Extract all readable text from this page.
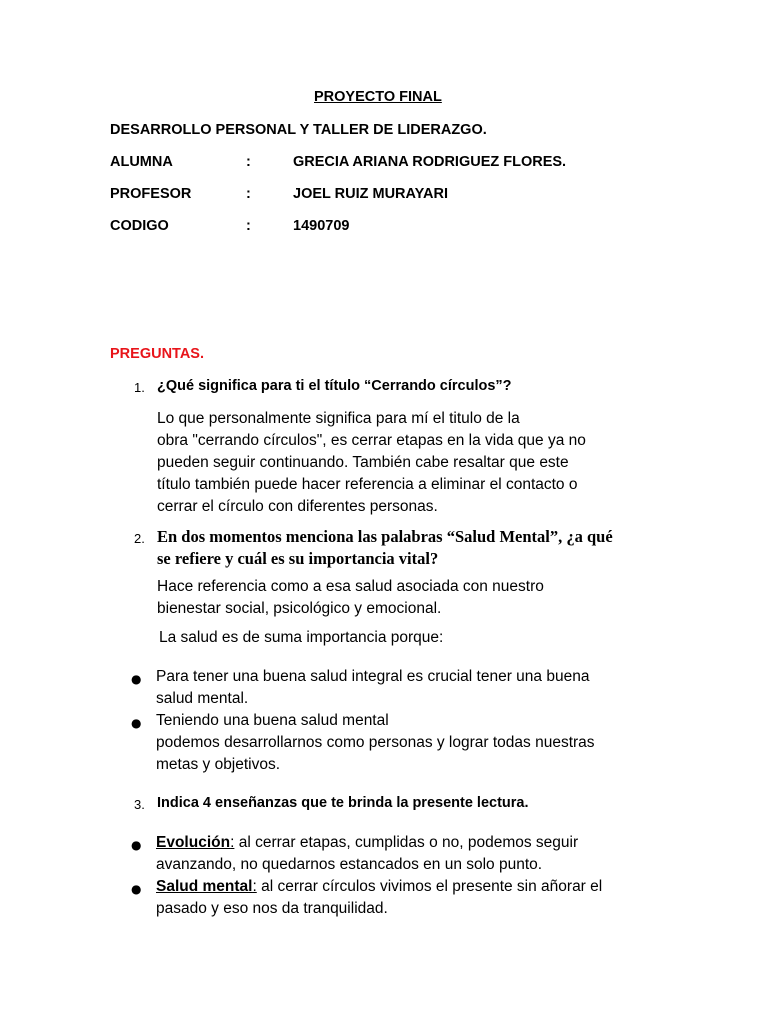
PROYECTO FINAL
DESARROLLO PERSONAL Y TALLER DE LIDERAZGO.
ALUMNA	:	GRECIA ARIANA RODRIGUEZ FLORES.
PROFESOR	:	JOEL RUIZ MURAYARI
CODIGO	:	1490709
PREGUNTAS.
1. ¿Qué significa para ti el título “Cerrando círculos”?
Lo que personalmente significa para mí el titulo de la
obra "cerrando círculos", es cerrar etapas en la vida que ya no
pueden seguir continuando. También cabe resaltar que este
título también puede hacer referencia a eliminar el contacto o
cerrar el círculo con diferentes personas.
2. En dos momentos menciona las palabras “Salud Mental”, ¿a qué
se refiere y cuál es su importancia vital?
Hace referencia como a esa salud asociada con nuestro
bienestar social, psicológico y emocional.
La salud es de suma importancia porque:
● Para tener una buena salud integral es crucial tener una buena
salud mental.
● Teniendo una buena salud mental
podemos desarrollarnos como personas y lograr todas nuestras
metas y objetivos.
3. Indica 4 enseñanzas que te brinda la presente lectura.
● Evolución: al cerrar etapas, cumplidas o no, podemos seguir
avanzando, no quedarnos estancados en un solo punto.
● Salud mental: al cerrar círculos vivimos el presente sin añorar el
pasado y eso nos da tranquilidad.
